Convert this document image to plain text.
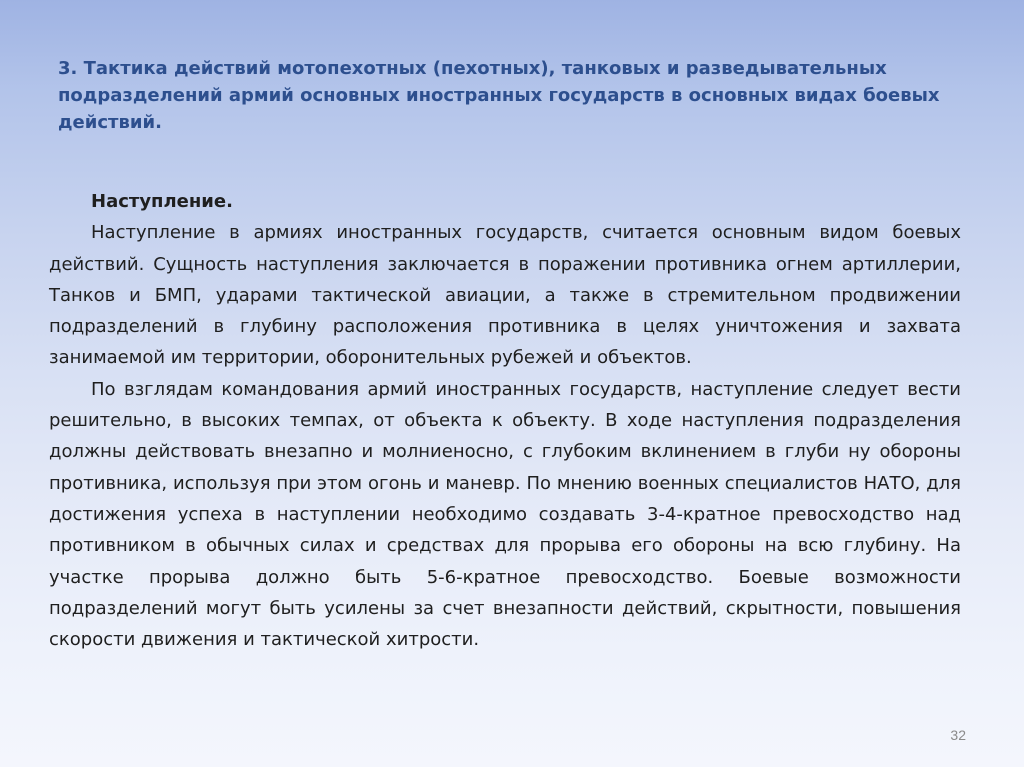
3. Тактика действий мотопехотных (пехотных), танковых и разведывательных подразделений армий основных иностранных государств в основных видах боевых действий.

Наступление.

Наступление в армиях иностранных государств, считается основным видом боевых действий. Сущность наступления заключается в поражении противника огнем артиллерии, Танков и БМП, ударами тактической авиации, а также в стремительном продвижении подразделений в глубину расположения противника в целях уничтожения и захвата занимаемой им территории, оборонительных рубежей и объектов.

По взглядам командования армий иностранных государств, наступление следует вести решительно, в высоких темпах, от объекта к объекту. В ходе наступления подразделения должны действовать внезапно и молниеносно, с глубоким вклинением в глуби ну обороны противника, используя при этом огонь и маневр. По мнению военных специалистов НАТО, для достижения успеха в наступлении необходимо создавать 3-4-кратное превосходство над противником в обычных силах и средствах для прорыва его обороны на всю глубину. На участке прорыва должно быть 5-6-кратное превосходство. Боевые возможности подразделений могут быть усилены за счет внезапности действий, скрытности, повышения скорости движения и тактической хитрости.

32
